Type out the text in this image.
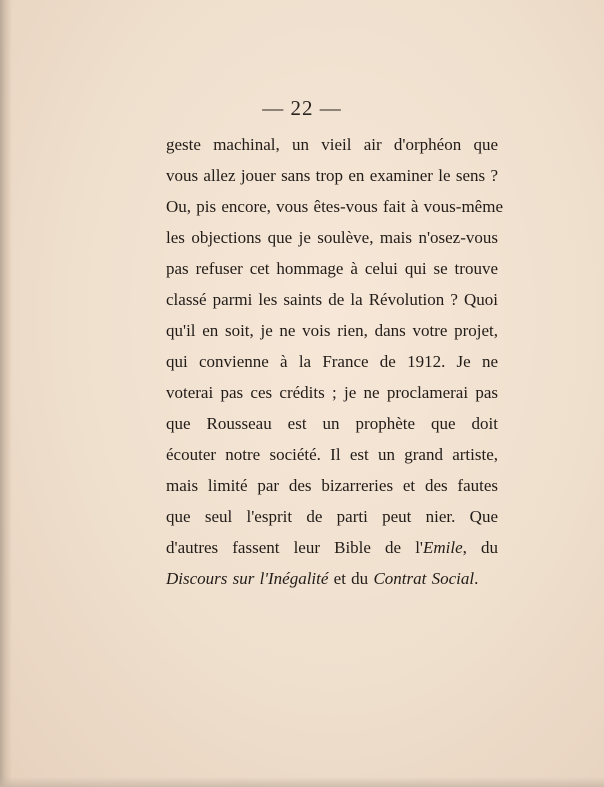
— 22 —
geste machinal, un vieil air d'orphéon que
vous allez jouer sans trop en examiner le sens ?
Ou, pis encore, vous êtes-vous fait à vous-même
les objections que je soulève, mais n'osez-vous
pas refuser cet hommage à celui qui se trouve
classé parmi les saints de la Révolution ? Quoi
qu'il en soit, je ne vois rien, dans votre projet,
qui convienne à la France de 1912. Je ne
voterai pas ces crédits ; je ne proclamerai pas
que Rousseau est un prophète que doit
écouter notre société. Il est un grand artiste,
mais limité par des bizarreries et des fautes
que seul l'esprit de parti peut nier. Que
d'autres fassent leur Bible de l'Emile, du
Discours sur l'Inégalité et du Contrat Social.
